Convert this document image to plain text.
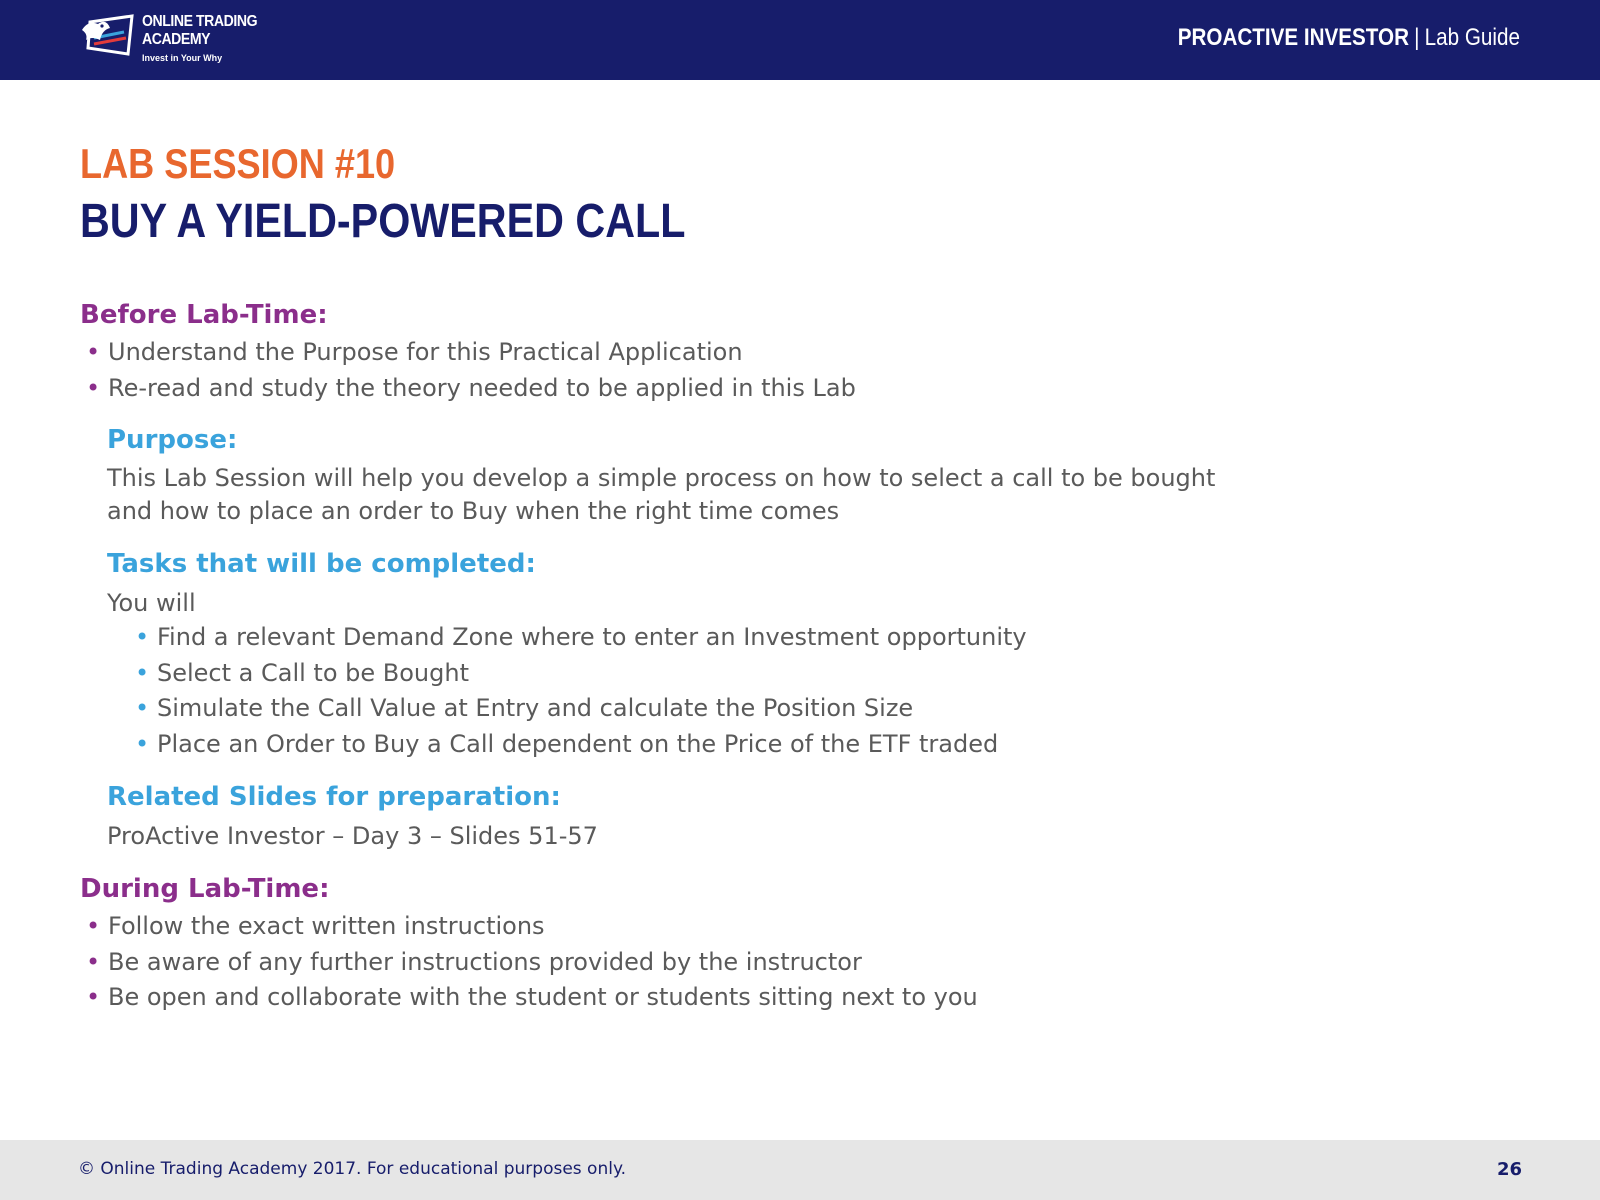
ONLINE TRADING
ACADEMY
Invest in Your Why
PROACTIVE INVESTOR | Lab Guide
LAB SESSION #10
BUY A YIELD-POWERED CALL
Before Lab-Time:
• Understand the Purpose for this Practical Application
• Re-read and study the theory needed to be applied in this Lab
Purpose:

This Lab Session will help you develop a simple process on how to select a call to be bought
and how to place an order to Buy when the right time comes

Tasks that will be completed:

You will

• Find a relevant Demand Zone where to enter an Investment opportunity
• Select a Call to be Bought
• Simulate the Call Value at Entry and calculate the Position Size
• Place an Order to Buy a Call dependent on the Price of the ETF traded
Related Slides for preparation:

ProActive Investor – Day 3 – Slides 51-57

During Lab-Time:
• Follow the exact written instructions
• Be aware of any further instructions provided by the instructor
• Be open and collaborate with the student or students sitting next to you
© Online Trading Academy 2017. For educational purposes only.	26
